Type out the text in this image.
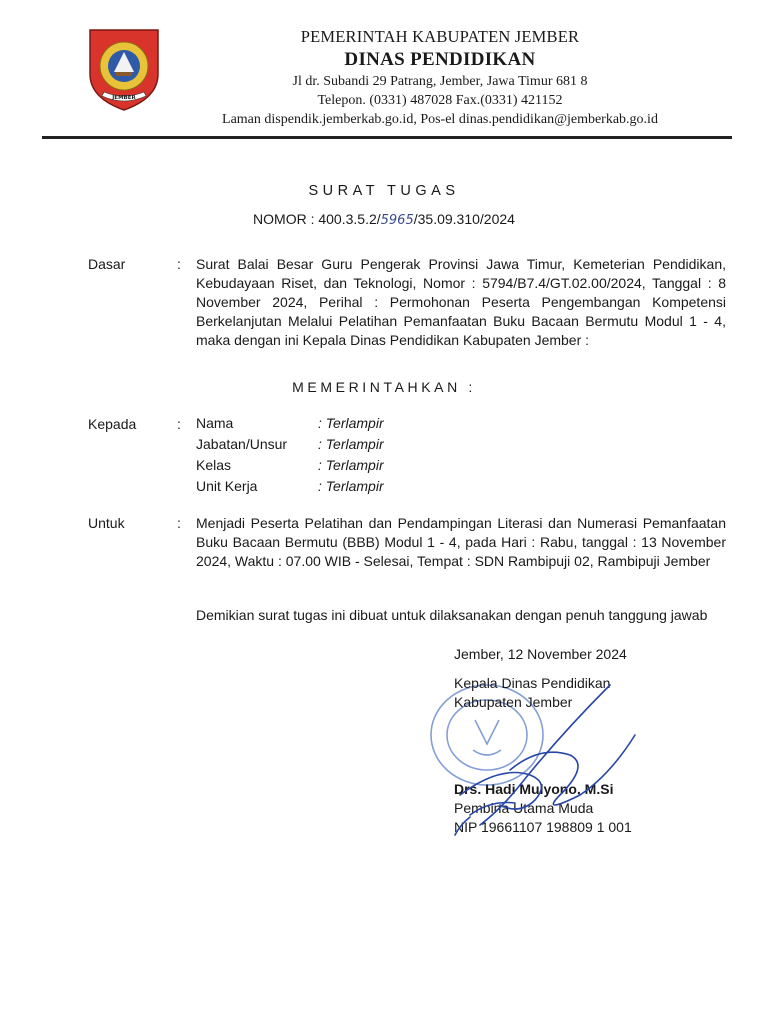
JEMBER
PEMERINTAH KABUPATEN JEMBER
DINAS PENDIDIKAN
Jl dr. Subandi 29 Patrang, Jember, Jawa Timur 681 8
Telepon. (0331) 487028 Fax.(0331) 421152
Laman dispendik.jemberkab.go.id, Pos-el dinas.pendidikan@jemberkab.go.id
SURAT TUGAS
NOMOR : 400.3.5.2/5965/35.09.310/2024
Dasar	: Surat Balai Besar Guru Pengerak Provinsi Jawa Timur, Kemeterian Pendidikan, Kebudayaan Riset, dan Teknologi, Nomor : 5794/B7.4/GT.02.00/2024, Tanggal : 8 November 2024, Perihal : Permohonan Peserta Pengembangan Kompetensi Berkelanjutan Melalui Pelatihan Pemanfaatan Buku Bacaan Bermutu Modul 1 - 4, maka dengan ini Kepala Dinas Pendidikan Kabupaten Jember :
MEMERINTAHKAN :
Kepada	: Nama	: Terlampir
Jabatan/Unsur : Terlampir
Kelas	: Terlampir
Unit Kerja	: Terlampir
Untuk	: Menjadi Peserta Pelatihan dan Pendampingan Literasi dan Numerasi Pemanfaatan Buku Bacaan Bermutu (BBB) Modul 1 - 4, pada Hari : Rabu, tanggal : 13 November 2024, Waktu : 07.00 WIB - Selesai, Tempat : SDN Rambipuji 02, Rambipuji Jember
Demikian surat tugas ini dibuat untuk dilaksanakan dengan penuh tanggung jawab
Jember, 12 November 2024
Kepala Dinas Pendidikan
Kabupaten Jember
Drs. Hadi Mulyono, M.Si
Pembina Utama Muda
NIP 19661107 198809 1 001
